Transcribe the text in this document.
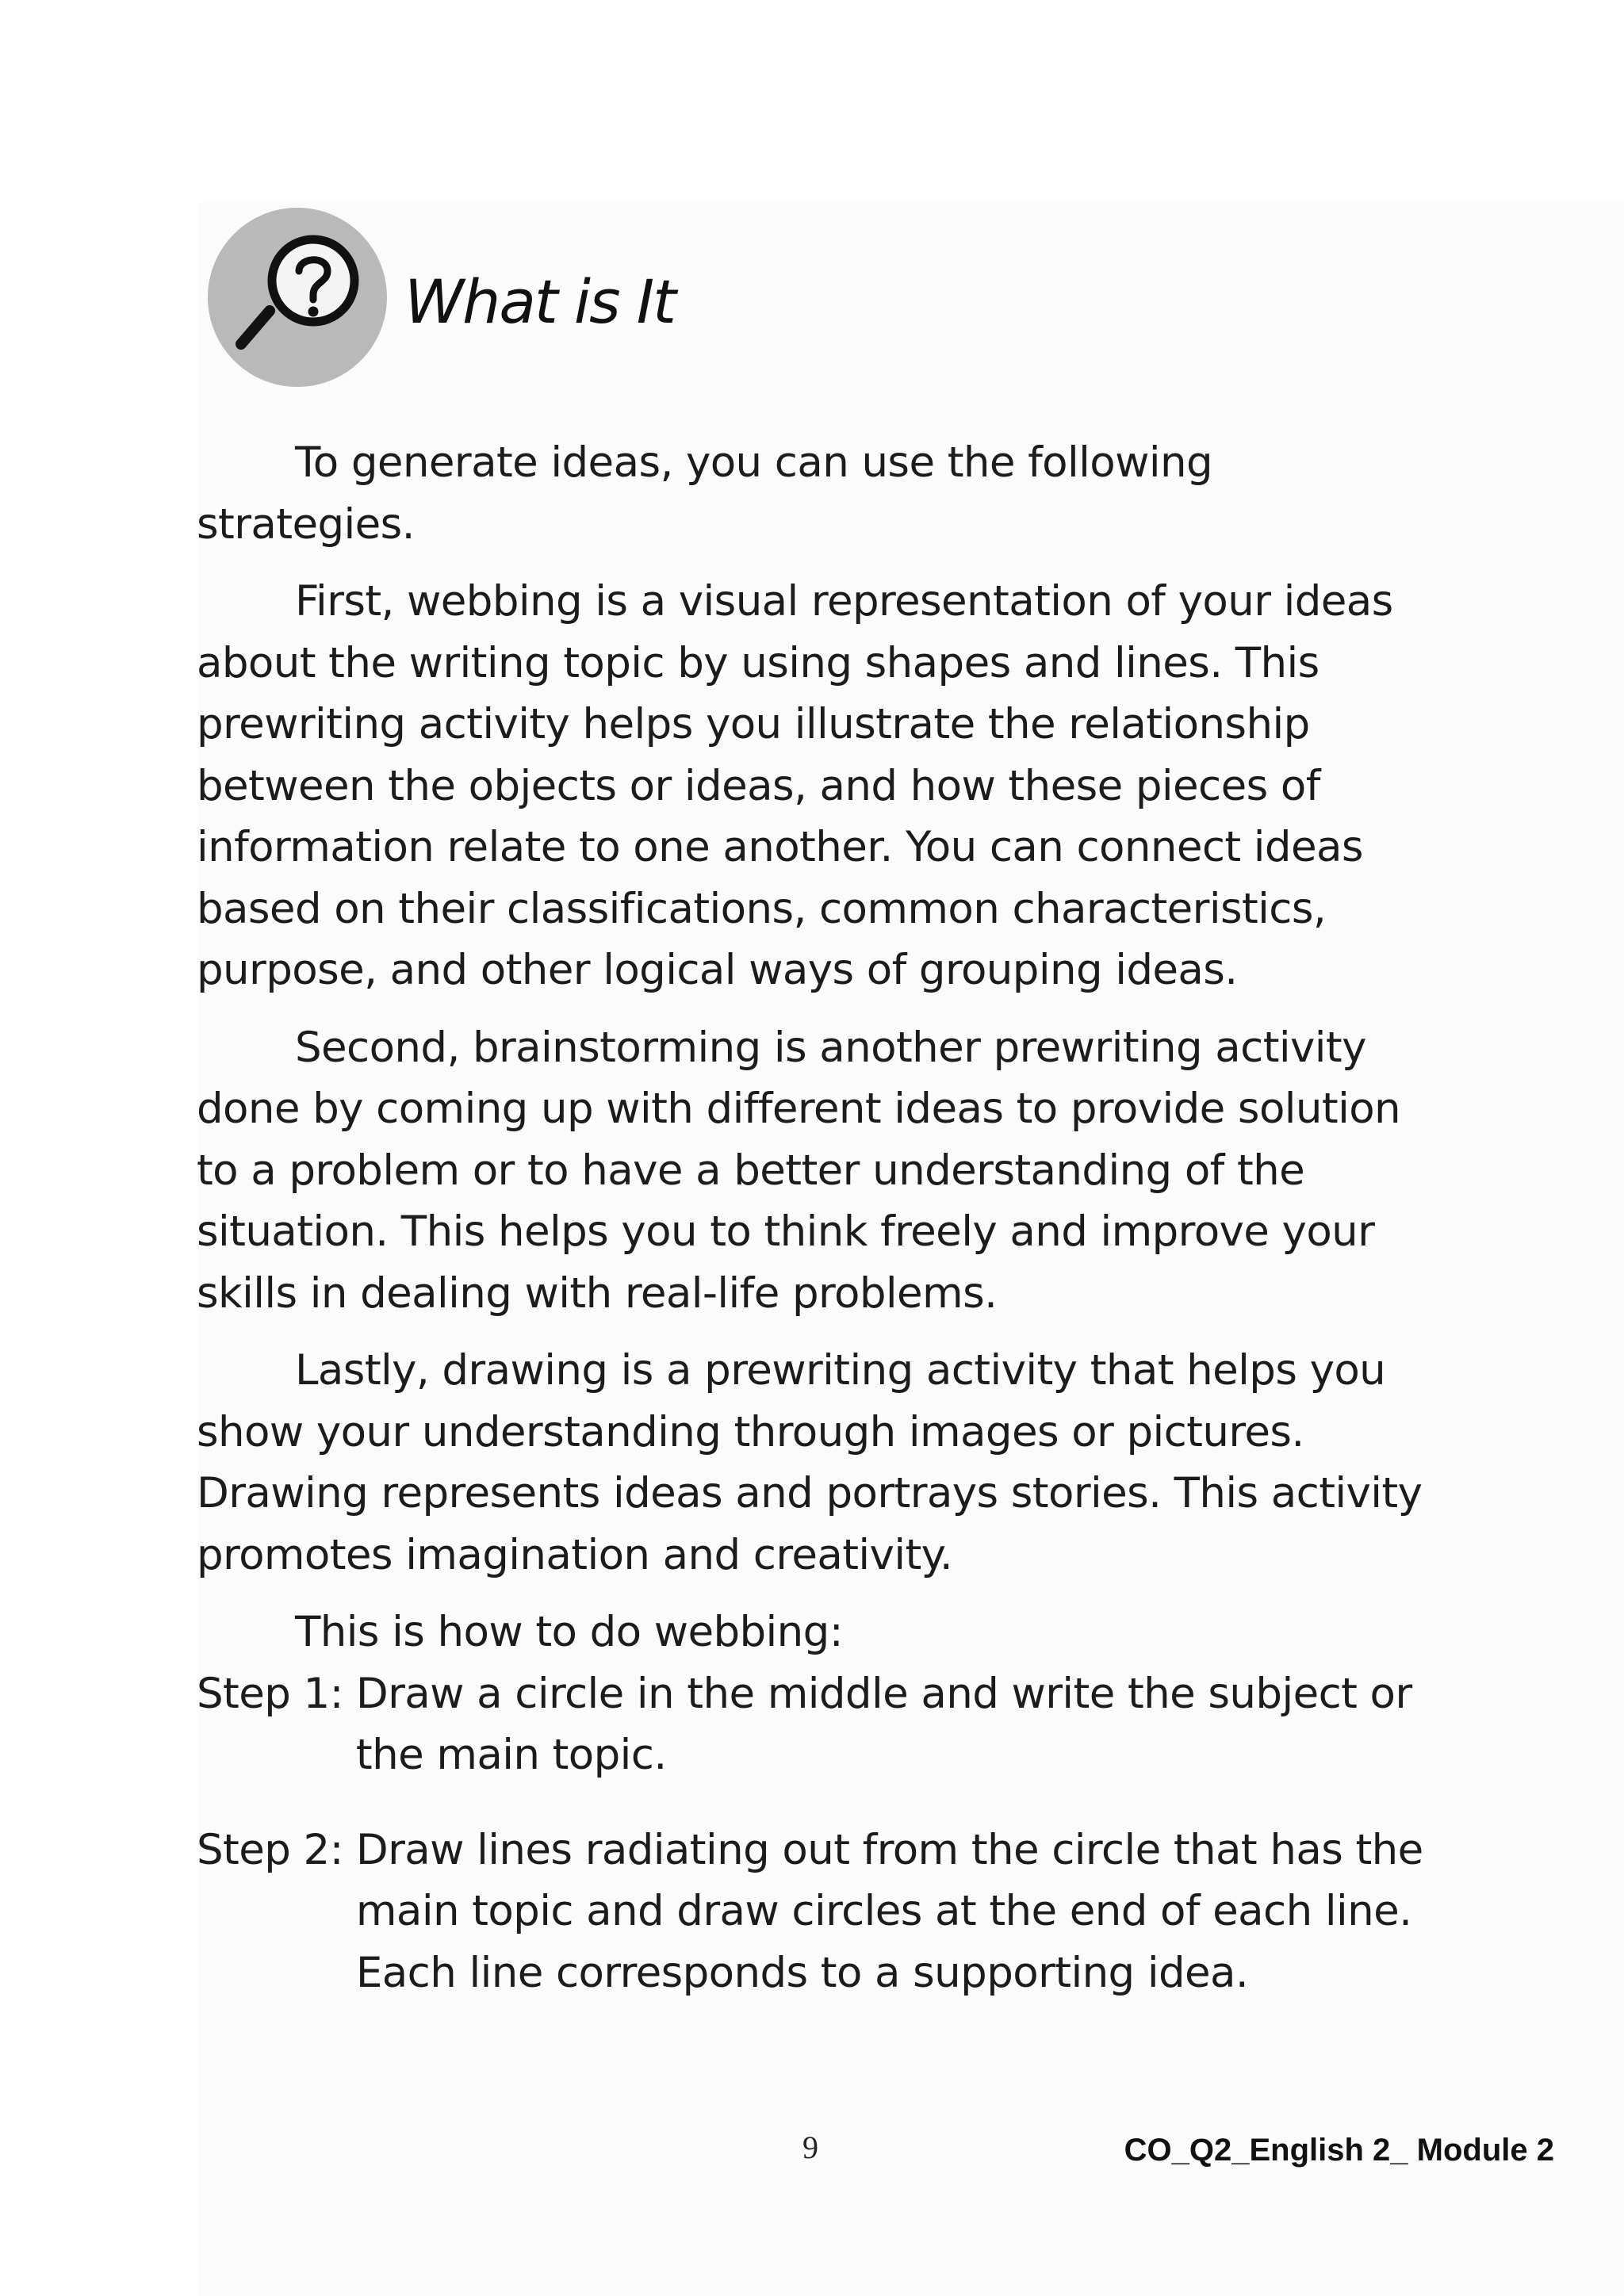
What is It

To generate ideas, you can use the following strategies.

First, webbing is a visual representation of your ideas about the writing topic by using shapes and lines. This prewriting activity helps you illustrate the relationship between the objects or ideas, and how these pieces of information relate to one another. You can connect ideas based on their classifications, common characteristics, purpose, and other logical ways of grouping ideas.

Second, brainstorming is another prewriting activity done by coming up with different ideas to provide solution to a problem or to have a better understanding of the situation. This helps you to think freely and improve your skills in dealing with real-life problems.

Lastly, drawing is a prewriting activity that helps you show your understanding through images or pictures. Drawing represents ideas and portrays stories. This activity promotes imagination and creativity.

This is how to do webbing:

Step 1: Draw a circle in the middle and write the subject or the main topic.
Step 2: Draw lines radiating out from the circle that has the main topic and draw circles at the end of each line. Each line corresponds to a supporting idea.
9	CO_Q2_English 2_ Module 2
